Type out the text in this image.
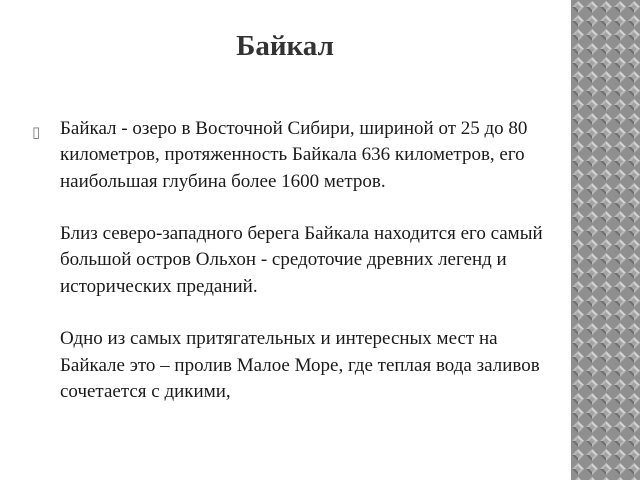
Байкал
▯ Байкал - озеро в Восточной Сибири, шириной от 25 до 80 километров, протяженность Байкала 636 километров, его наибольшая глубина более 1600 метров.

Близ северо-западного берега Байкала находится его самый большой остров Ольхон - средоточие древних легенд и исторических преданий.

Одно из самых притягательных и интересных мест на Байкале это – пролив Малое Море, где теплая вода заливов сочетается с дикими,
